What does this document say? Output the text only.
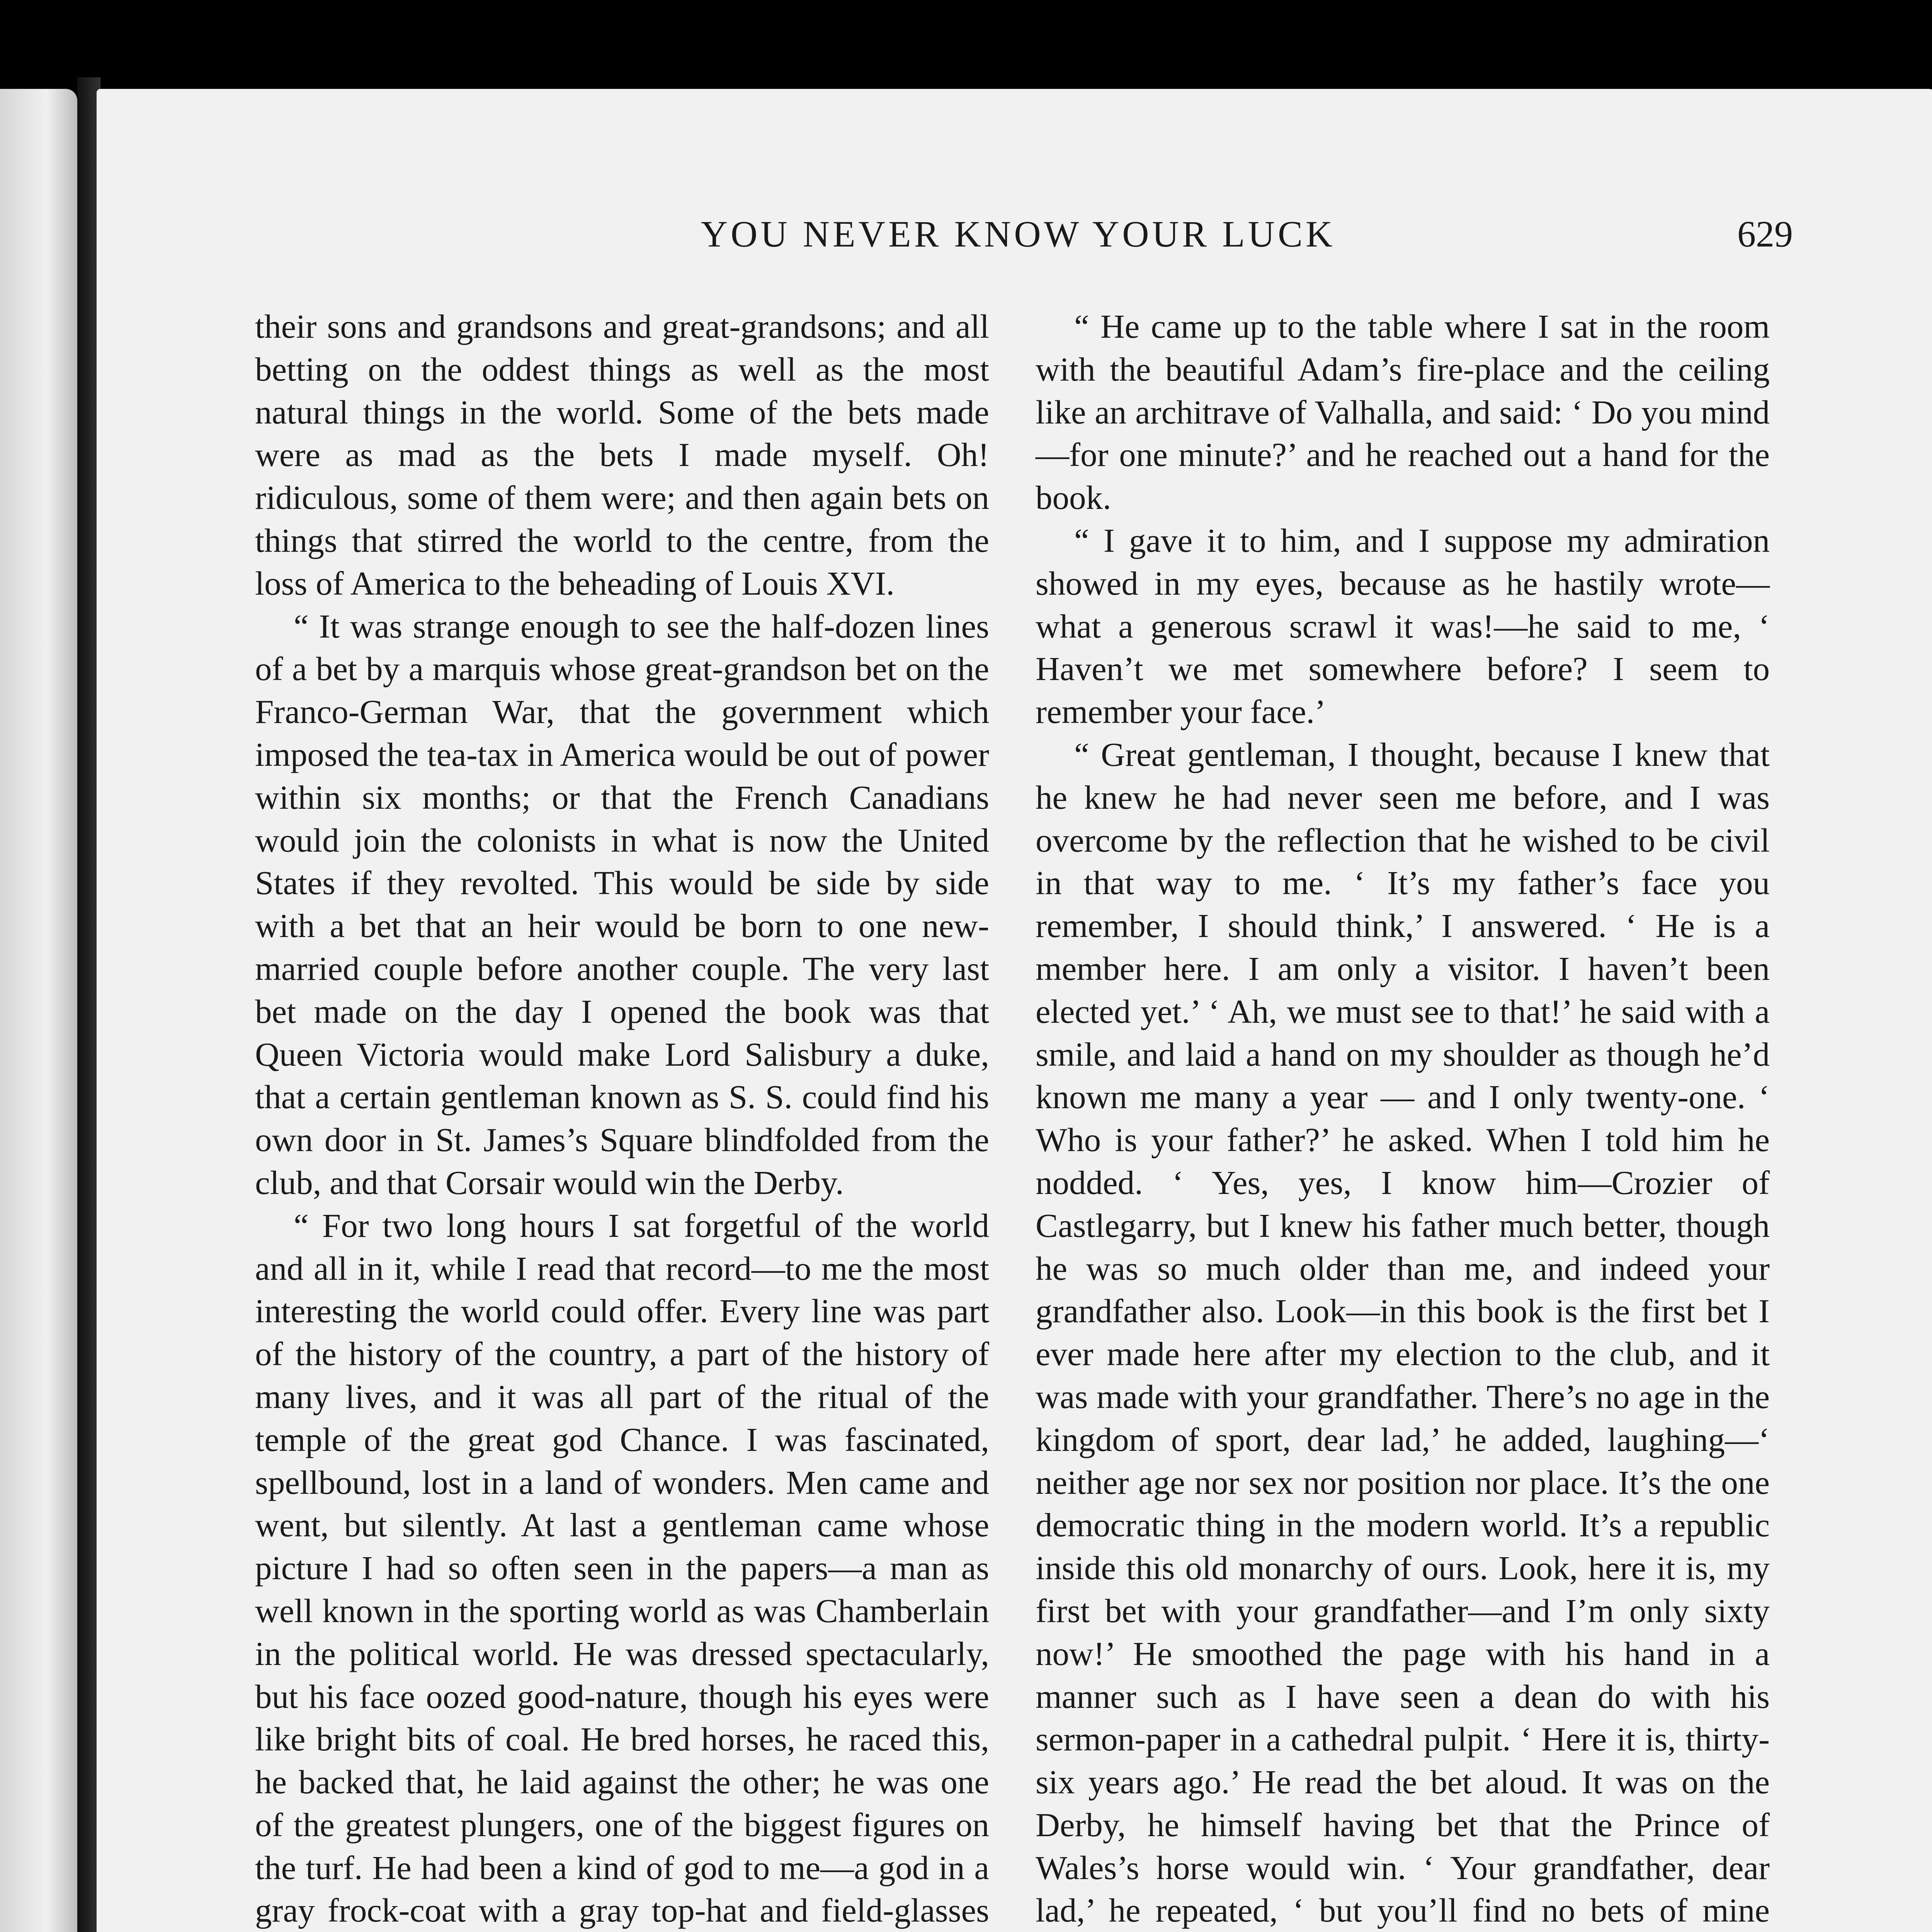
YOU NEVER KNOW YOUR LUCK	629

their sons and grandsons and great-grandsons; and all betting on the oddest things as well as the most natural things in the world. Some of the bets made were as mad as the bets I made myself. Oh! ridiculous, some of them were; and then again bets on things that stirred the world to the centre, from the loss of America to the beheading of Louis XVI.

“ It was strange enough to see the half-dozen lines of a bet by a marquis whose great-grandson bet on the Franco-German War, that the government which imposed the tea-tax in America would be out of power within six months; or that the French Canadians would join the colonists in what is now the United States if they revolted. This would be side by side with a bet that an heir would be born to one new-married couple before another couple. The very last bet made on the day I opened the book was that Queen Victoria would make Lord Salisbury a duke, that a certain gentleman known as S. S. could find his own door in St. James’s Square blindfolded from the club, and that Corsair would win the Derby.

“ For two long hours I sat forgetful of the world and all in it, while I read that record—to me the most interesting the world could offer. Every line was part of the history of the country, a part of the history of many lives, and it was all part of the ritual of the temple of the great god Chance. I was fascinated, spellbound, lost in a land of wonders. Men came and went, but silently. At last a gentleman came whose picture I had so often seen in the papers—a man as well known in the sporting world as was Chamberlain in the political world. He was dressed spectacularly, but his face oozed good-nature, though his eyes were like bright bits of coal. He bred horses, he raced this, he backed that, he laid against the other; he was one of the greatest plungers, one of the biggest figures on the turf. He had been a kind of god to me—a god in a gray frock-coat with a gray top-hat and field-glasses

“ He came up to the table where I sat in the room with the beautiful Adam’s fire-place and the ceiling like an architrave of Valhalla, and said: ‘ Do you mind—for one minute?’ and he reached out a hand for the book.

“ I gave it to him, and I suppose my admiration showed in my eyes, because as he hastily wrote—what a generous scrawl it was!—he said to me, ‘ Haven’t we met somewhere before? I seem to remember your face.’

“ Great gentleman, I thought, because I knew that he knew he had never seen me before, and I was overcome by the reflection that he wished to be civil in that way to me. ‘ It’s my father’s face you remember, I should think,’ I answered. ‘ He is a member here. I am only a visitor. I haven’t been elected yet.’ ‘ Ah, we must see to that!’ he said with a smile, and laid a hand on my shoulder as though he’d known me many a year — and I only twenty-one. ‘ Who is your father?’ he asked. When I told him he nodded. ‘ Yes, yes, I know him—Crozier of Castlegarry, but I knew his father much better, though he was so much older than me, and indeed your grandfather also. Look—in this book is the first bet I ever made here after my election to the club, and it was made with your grandfather. There’s no age in the kingdom of sport, dear lad,’ he added, laughing—‘ neither age nor sex nor position nor place. It’s the one democratic thing in the modern world. It’s a republic inside this old monarchy of ours. Look, here it is, my first bet with your grandfather—and I’m only sixty now!’ He smoothed the page with his hand in a manner such as I have seen a dean do with his sermon-paper in a cathedral pulpit. ‘ Here it is, thirty-six years ago.’ He read the bet aloud. It was on the Derby, he himself having bet that the Prince of Wales’s horse would win. ‘ Your grandfather, dear lad,’ he repeated, ‘ but you’ll find no bets of mine
